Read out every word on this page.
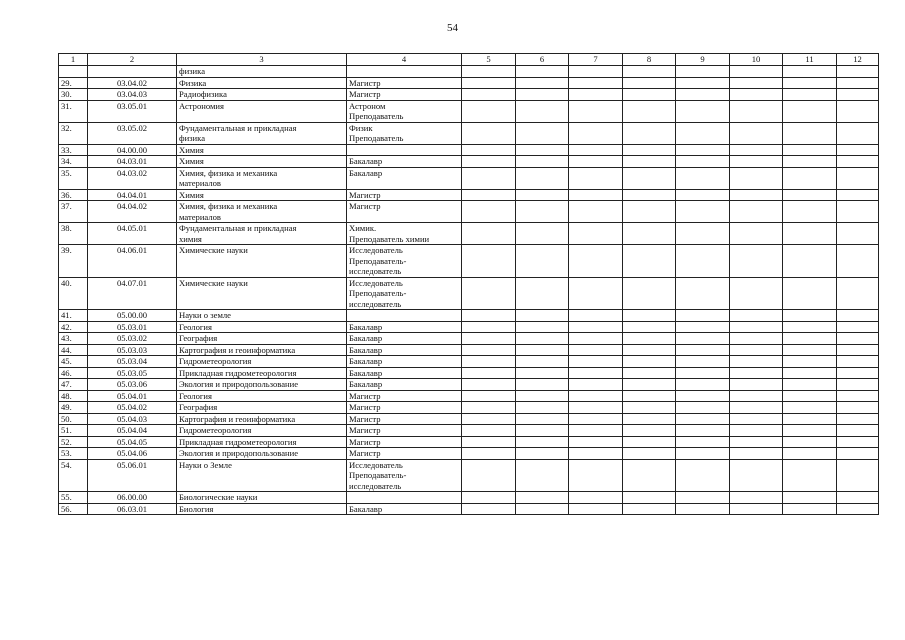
54
1	2	3	4	5	6	7	8	9	10	11	12

		физика									

29.	03.04.02	Физика	Магистр								

30.	03.04.03	Радиофизика	Магистр								

31.	03.05.01	Астрономия	Астроном
Преподаватель								

32.	03.05.02	Фундаментальная и прикладная
физика	Физик
Преподаватель								

33.	04.00.00	Химия									

34.	04.03.01	Химия	Бакалавр								

35.	04.03.02	Химия, физика и механика
материалов	Бакалавр								

36.	04.04.01	Химия	Магистр								

37.	04.04.02	Химия, физика и механика
материалов	Магистр								

38.	04.05.01	Фундаментальная и прикладная
химия	Химик.
Преподаватель химии								

39.	04.06.01	Химические науки	Исследователь
Преподаватель-
исследователь								

40.	04.07.01	Химические науки	Исследователь
Преподаватель-
исследователь								

41.	05.00.00	Науки о земле									

42.	05.03.01	Геология	Бакалавр								

43.	05.03.02	География	Бакалавр								

44.	05.03.03	Картография и геоинформатика	Бакалавр								

45.	05.03.04	Гидрометеорология	Бакалавр								

46.	05.03.05	Прикладная гидрометеорология	Бакалавр								

47.	05.03.06	Экология и природопользование	Бакалавр								

48.	05.04.01	Геология	Магистр								

49.	05.04.02	География	Магистр								

50.	05.04.03	Картография и геоинформатика	Магистр								

51.	05.04.04	Гидрометеорология	Магистр								

52.	05.04.05	Прикладная гидрометеорология	Магистр								

53.	05.04.06	Экология и природопользование	Магистр								

54.	05.06.01	Науки о Земле	Исследователь
Преподаватель-
исследователь								

55.	06.00.00	Биологические науки									

56.	06.03.01	Биология	Бакалавр								
